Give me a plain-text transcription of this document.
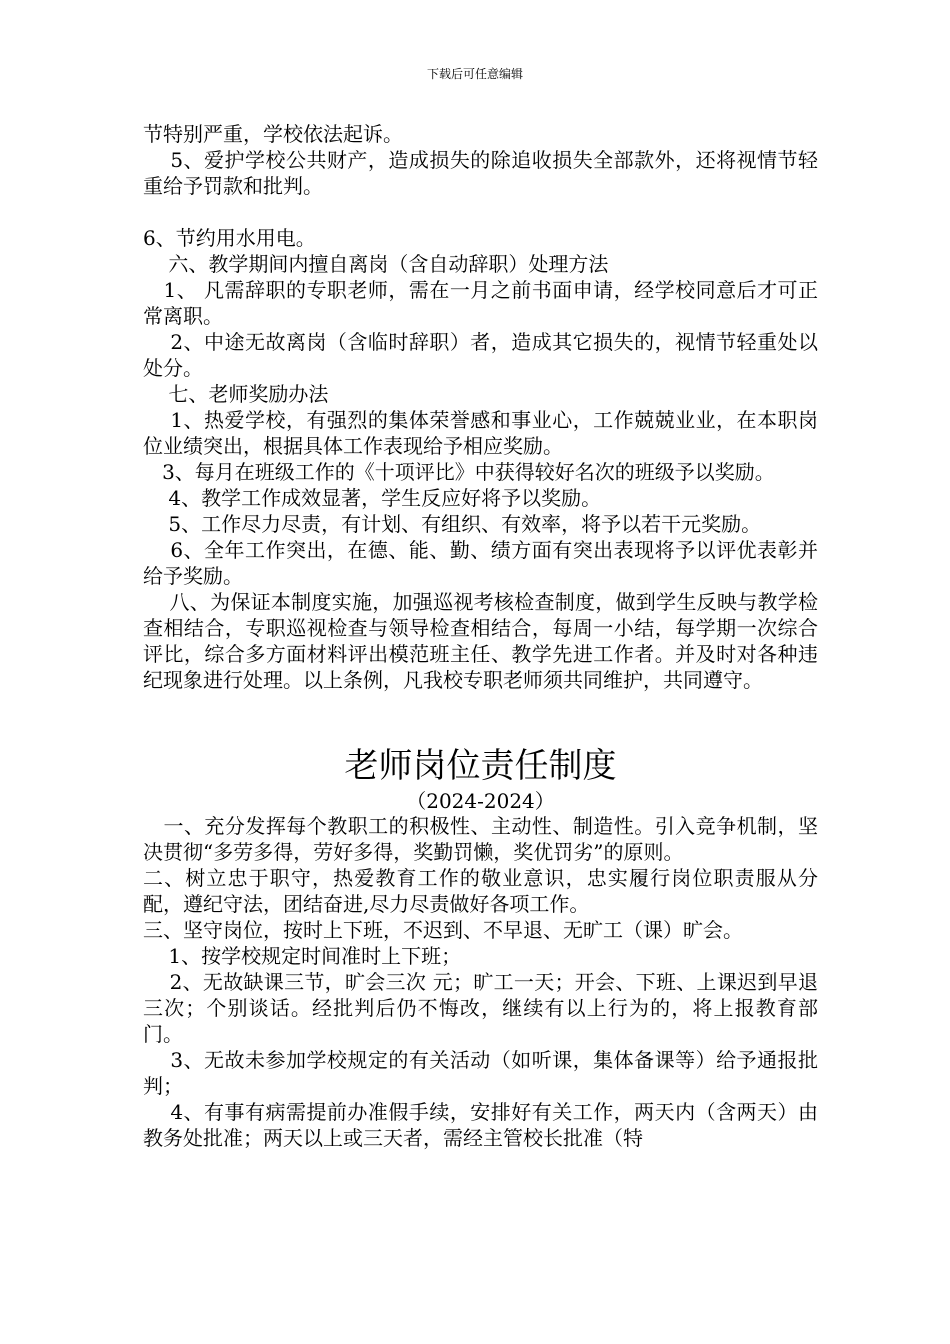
下载后可任意编辑

节特别严重，学校依法起诉。

5、爱护学校公共财产，造成损失的除追收损失全部款外，还将视情节轻重给予罚款和批判。

6、节约用水用电。

六、教学期间内擅自离岗（含自动辞职）处理方法

1、 凡需辞职的专职老师，需在一月之前书面申请，经学校同意后才可正常离职。

2、中途无故离岗（含临时辞职）者，造成其它损失的，视情节轻重处以处分。

七、老师奖励办法

1、热爱学校，有强烈的集体荣誉感和事业心，工作兢兢业业，在本职岗位业绩突出，根据具体工作表现给予相应奖励。

3、每月在班级工作的《十项评比》中获得较好名次的班级予以奖励。

4、教学工作成效显著，学生反应好将予以奖励。

5、工作尽力尽责，有计划、有组织、有效率，将予以若干元奖励。

6、全年工作突出，在德、能、勤、绩方面有突出表现将予以评优表彰并给予奖励。

八、为保证本制度实施，加强巡视考核检查制度，做到学生反映与教学检查相结合，专职巡视检查与领导检查相结合，每周一小结，每学期一次综合评比，综合多方面材料评出模范班主任、教学先进工作者。并及时对各种违纪现象进行处理。以上条例，凡我校专职老师须共同维护，共同遵守。

老师岗位责任制度

（2024-2024）

一、充分发挥每个教职工的积极性、主动性、制造性。引入竞争机制，坚决贯彻“多劳多得，劳好多得，奖勤罚懒，奖优罚劣”的原则。

二、树立忠于职守，热爱教育工作的敬业意识，忠实履行岗位职责服从分配，遵纪守法，团结奋进,尽力尽责做好各项工作。

三、坚守岗位，按时上下班，不迟到、不早退、无旷工（课）旷会。

1、按学校规定时间准时上下班；

2、无故缺课三节，旷会三次 元；旷工一天；开会、下班、上课迟到早退三次；个别谈话。经批判后仍不悔改，继续有以上行为的，将上报教育部门。

3、无故未参加学校规定的有关活动（如听课，集体备课等）给予通报批判；

4、有事有病需提前办准假手续，安排好有关工作，两天内（含两天）由教务处批准；两天以上或三天者，需经主管校长批准（特
